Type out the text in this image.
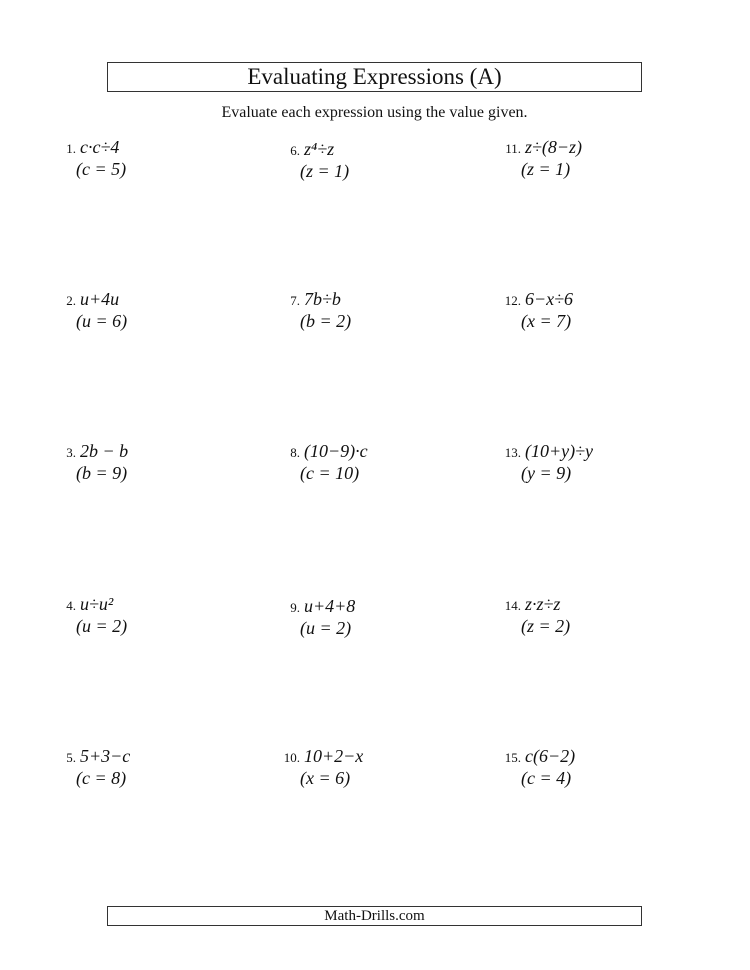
Evaluating Expressions (A)
Evaluate each expression using the value given.
1. c·c÷4
(c = 5)
2. u+4u
(u = 6)
3. 2b − b
(b = 9)
4. u÷u²
(u = 2)
5. 5+3−c
(c = 8)
6. z⁴÷z
(z = 1)
7. 7b÷b
(b = 2)
8. (10−9)·c
(c = 10)
9. u+4+8
(u = 2)
10. 10+2−x
(x = 6)
11. z÷(8−z)
(z = 1)
12. 6−x÷6
(x = 7)
13. (10+y)÷y
(y = 9)
14. z·z÷z
(z = 2)
15. c(6−2)
(c = 4)
Math-Drills.com
